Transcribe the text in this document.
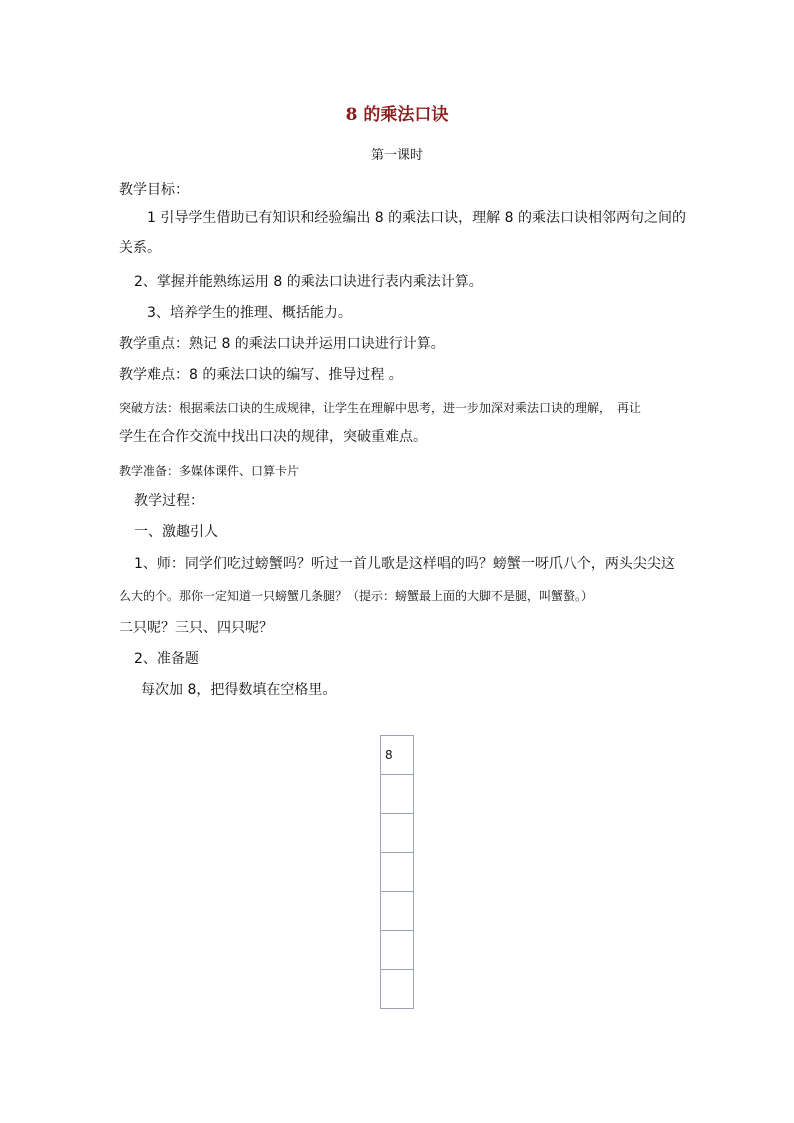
8 的乘法口诀
第一课时
教学目标：
1 引导学生借助已有知识和经验编出 8 的乘法口诀，理解 8 的乘法口诀相邻两句之间的
关系。
2、掌握并能熟练运用 8 的乘法口诀进行表内乘法计算。
3、培养学生的推理、概括能力。
教学重点：熟记 8 的乘法口诀并运用口诀进行计算。
教学难点：8 的乘法口诀的编写、推导过程 。
突破方法：根据乘法口诀的生成规律，让学生在理解中思考，进一步加深对乘法口诀的理解，　再让
学生在合作交流中找出口决的规律，突破重难点。
教学准备：多媒体课件、口算卡片
教学过程：
一、激趣引人
1、师：同学们吃过螃蟹吗？听过一首儿歌是这样唱的吗？螃蟹一呀爪八个，两头尖尖这
么大的个。那你一定知道一只螃蟹几条腿？（提示：螃蟹最上面的大脚不是腿，叫蟹螯。）
二只呢？三只、四只呢？
2、准备题
每次加 8，把得数填在空格里。
8
